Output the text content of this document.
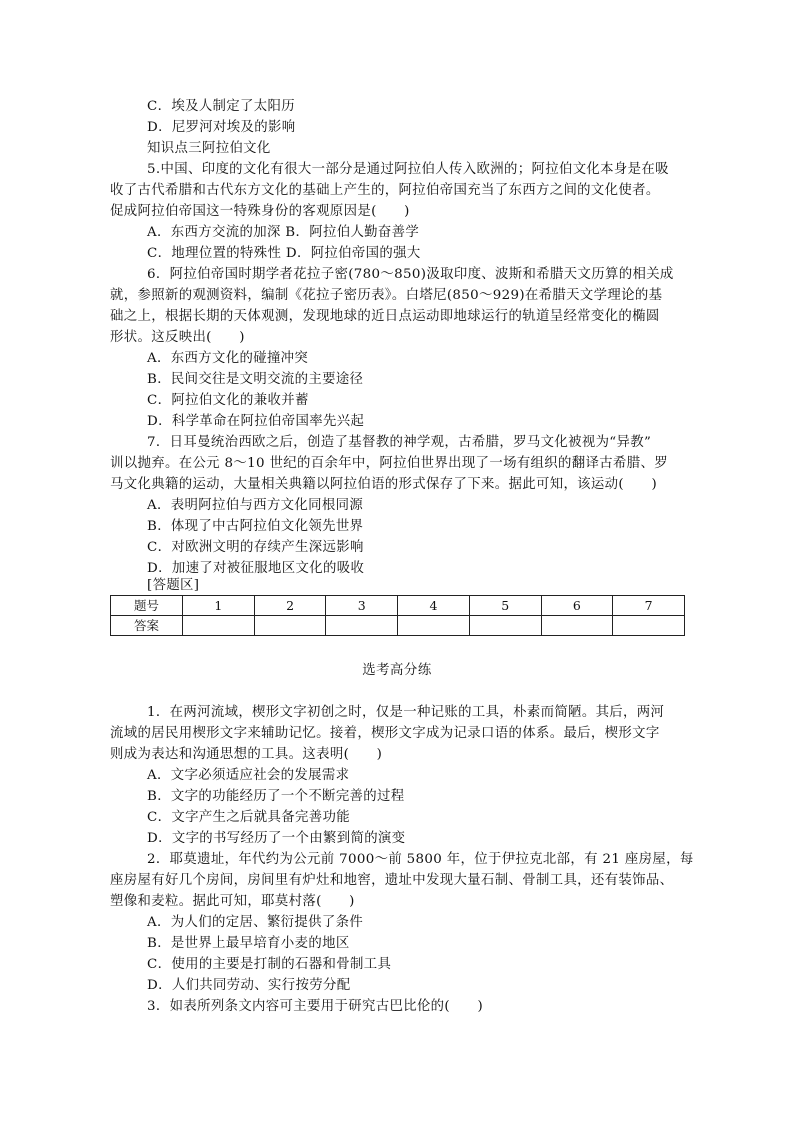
C．埃及人制定了太阳历
D．尼罗河对埃及的影响
知识点三阿拉伯文化
5.中国、印度的文化有很大一部分是通过阿拉伯人传入欧洲的；阿拉伯文化本身是在吸
收了古代希腊和古代东方文化的基础上产生的，阿拉伯帝国充当了东西方之间的文化使者。
促成阿拉伯帝国这一特殊身份的客观原因是(　　)
A．东西方交流的加深 B．阿拉伯人勤奋善学
C．地理位置的特殊性 D．阿拉伯帝国的强大
6．阿拉伯帝国时期学者花拉子密(780～850)汲取印度、波斯和希腊天文历算的相关成
就，参照新的观测资料，编制《花拉子密历表》。白塔尼(850～929)在希腊天文学理论的基
础之上，根据长期的天体观测，发现地球的近日点运动即地球运行的轨道呈经常变化的椭圆
形状。这反映出(　　)
A．东西方文化的碰撞冲突
B．民间交往是文明交流的主要途径
C．阿拉伯文化的兼收并蓄
D．科学革命在阿拉伯帝国率先兴起
7．日耳曼统治西欧之后，创造了基督教的神学观，古希腊，罗马文化被视为“异教”
训以抛弃。在公元 8～10 世纪的百余年中，阿拉伯世界出现了一场有组织的翻译古希腊、罗
马文化典籍的运动，大量相关典籍以阿拉伯语的形式保存了下来。据此可知，该运动(　　)
A．表明阿拉伯与西方文化同根同源
B．体现了中古阿拉伯文化领先世界
C．对欧洲文明的存续产生深远影响
D．加速了对被征服地区文化的吸收
[答题区]
题号	1	2	3	4	5	6	7
答案							
选考高分练
1．在两河流域，楔形文字初创之时，仅是一种记账的工具，朴素而简陋。其后，两河
流域的居民用楔形文字来辅助记忆。接着，楔形文字成为记录口语的体系。最后，楔形文字
则成为表达和沟通思想的工具。这表明(　　)
A．文字必须适应社会的发展需求
B．文字的功能经历了一个不断完善的过程
C．文字产生之后就具备完善功能
D．文字的书写经历了一个由繁到简的演变
2．耶莫遗址，年代约为公元前 7000～前 5800 年，位于伊拉克北部，有 21 座房屋，每
座房屋有好几个房间，房间里有炉灶和地窖，遗址中发现大量石制、骨制工具，还有装饰品、
塑像和麦粒。据此可知，耶莫村落(　　)
A．为人们的定居、繁衍提供了条件
B．是世界上最早培育小麦的地区
C．使用的主要是打制的石器和骨制工具
D．人们共同劳动、实行按劳分配
3．如表所列条文内容可主要用于研究古巴比伦的(　　)
